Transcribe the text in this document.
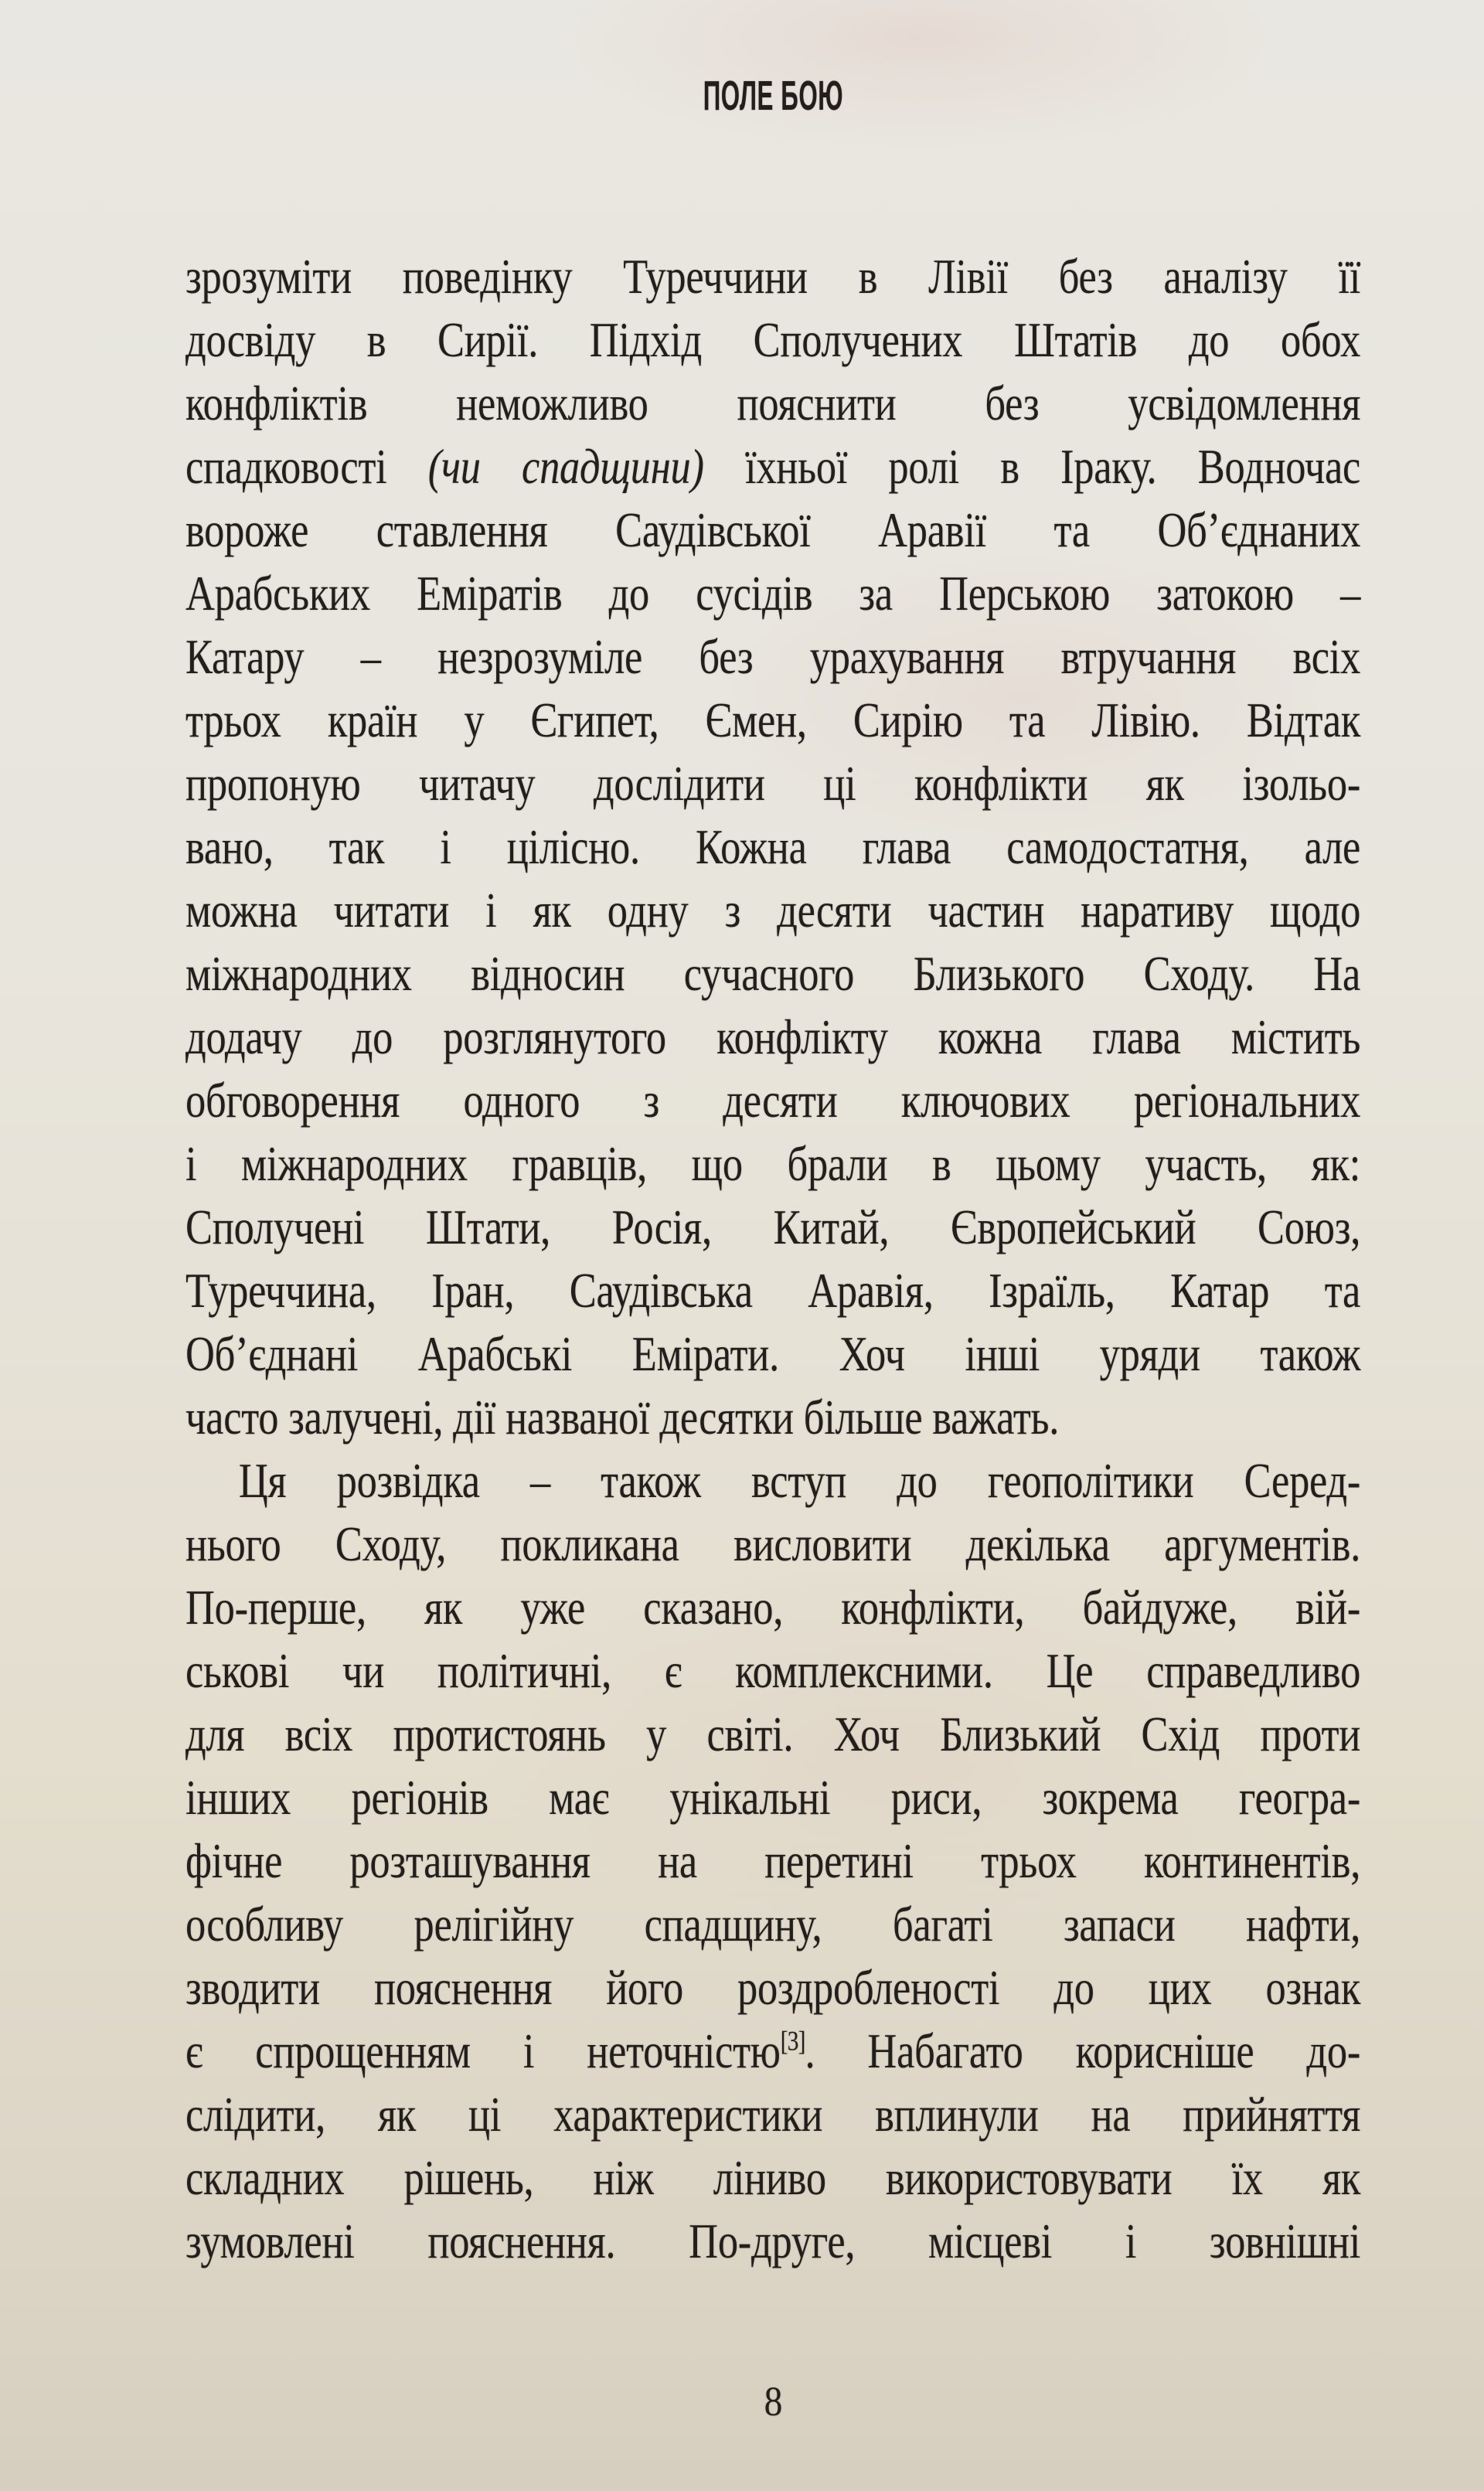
ПОЛЕ БОЮ

зрозуміти поведінку Туреччини в Лівії без аналізу її

досвіду в Сирії. Підхід Сполучених Штатів до обох

конфліктів неможливо пояснити без усвідомлення

спадковості (чи спадщини) їхньої ролі в Іраку. Водночас

вороже ставлення Саудівської Аравії та Об’єднаних

Арабських Еміратів до сусідів за Перською затокою –

Катару – незрозуміле без урахування втручання всіх

трьох країн у Єгипет, Ємен, Сирію та Лівію. Відтак

пропоную читачу дослідити ці конфлікти як ізольо-

вано, так і цілісно. Кожна глава самодостатня, але

можна читати і як одну з десяти частин наративу щодо

міжнародних відносин сучасного Близького Сходу. На

додачу до розглянутого конфлікту кожна глава містить

обговорення одного з десяти ключових регіональних

і міжнародних гравців, що брали в цьому участь, як:

Сполучені Штати, Росія, Китай, Європейський Союз,

Туреччина, Іран, Саудівська Аравія, Ізраїль, Катар та

Об’єднані Арабські Емірати. Хоч інші уряди також

часто залучені, дії названої десятки більше важать.

Ця розвідка – також вступ до геополітики Серед-

нього Сходу, покликана висловити декілька аргументів.

По-перше, як уже сказано, конфлікти, байдуже, вій-

ськові чи політичні, є комплексними. Це справедливо

для всіх протистоянь у світі. Хоч Близький Схід проти

інших регіонів має унікальні риси, зокрема геогра-

фічне розташування на перетині трьох континентів,

особливу релігійну спадщину, багаті запаси нафти,

зводити пояснення його роздробленості до цих ознак

є спрощенням і неточністю[3]. Набагато корисніше до-

слідити, як ці характеристики вплинули на прийняття

складних рішень, ніж ліниво використовувати їх як

зумовлені пояснення. По-друге, місцеві і зовнішні

8
